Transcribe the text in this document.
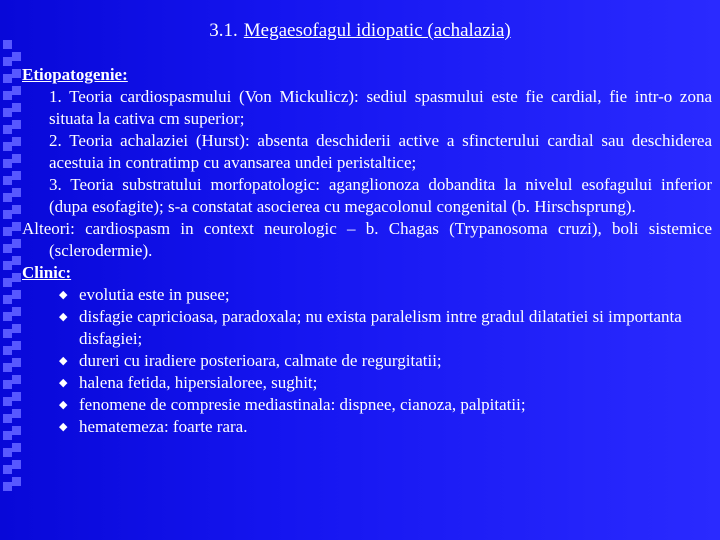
3.1. Megaesofagul idiopatic (achalazia)
Etiopatogenie:
1. Teoria cardiospasmului (Von Mickulicz): sediul spasmului este fie cardial, fie intr-o zona situata la cativa cm superior;
2. Teoria achalaziei (Hurst): absenta deschiderii active a sfincterului cardial sau deschiderea acestuia in contratimp cu avansarea undei peristaltice;
3. Teoria substratului morfopatologic: aganglionoza dobandita la nivelul esofagului inferior (dupa esofagite); s-a constatat asocierea cu megacolonul congenital (b. Hirschsprung).
Alteori: cardiospasm in context neurologic – b. Chagas (Trypanosoma cruzi), boli sistemice (sclerodermie).
Clinic:
◆ evolutia este in pusee;
◆ disfagie capricioasa, paradoxala; nu exista paralelism intre gradul dilatatiei si importanta disfagiei;
◆ dureri cu iradiere posterioara, calmate de regurgitatii;
◆ halena fetida, hipersialoree, sughit;
◆ fenomene de compresie mediastinala: dispnee, cianoza, palpitatii;
◆ hematemeza: foarte rara.
